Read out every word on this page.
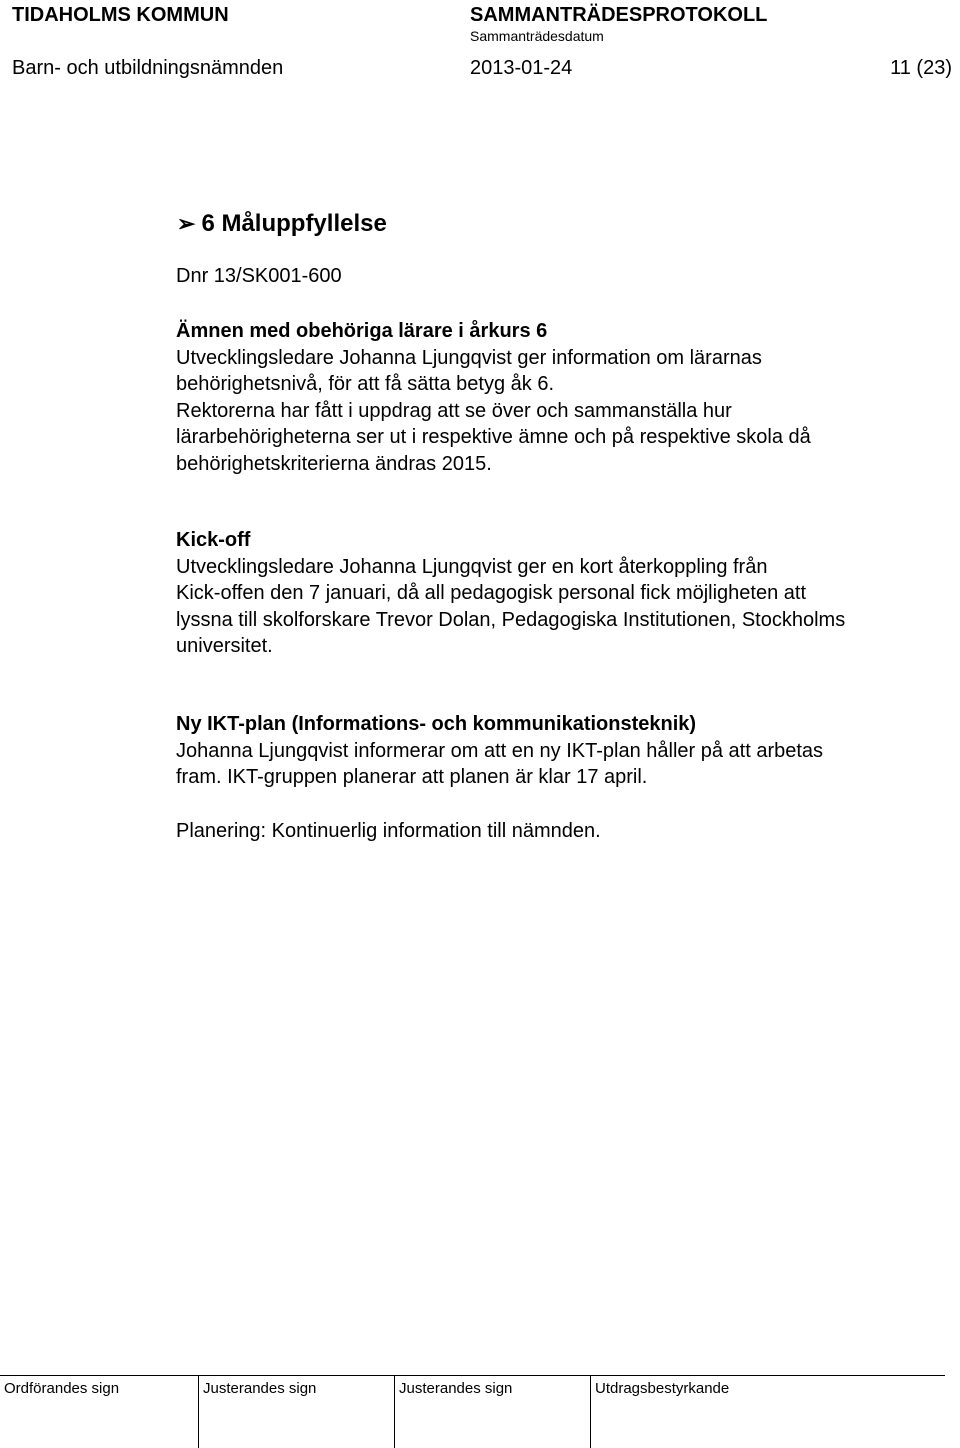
TIDAHOLMS KOMMUN	SAMMANTRÄDESPROTOKOLL
Sammanträdesdatum
Barn- och utbildningsnämnden	2013-01-24	11 (23)
➢ 6 Måluppfyllelse
Dnr 13/SK001-600
Ämnen med obehöriga lärare i årkurs 6
Utvecklingsledare Johanna Ljungqvist ger information om lärarnas
behörighetsnivå, för att få sätta betyg åk 6.
Rektorerna har fått i uppdrag att se över och sammanställa hur
lärarbehörigheterna ser ut i respektive ämne och på respektive skola då
behörighetskriterierna ändras 2015.
Kick-off
Utvecklingsledare Johanna Ljungqvist ger en kort återkoppling från
Kick-offen den 7 januari, då all pedagogisk personal fick möjligheten att
lyssna till skolforskare Trevor Dolan, Pedagogiska Institutionen, Stockholms
universitet.
Ny IKT-plan (Informations- och kommunikationsteknik)
Johanna Ljungqvist informerar om att en ny IKT-plan håller på att arbetas
fram. IKT-gruppen planerar att planen är klar 17 april.
Planering: Kontinuerlig information till nämnden.
Ordförandes sign	Justerandes sign	Justerandes sign	Utdragsbestyrkande
